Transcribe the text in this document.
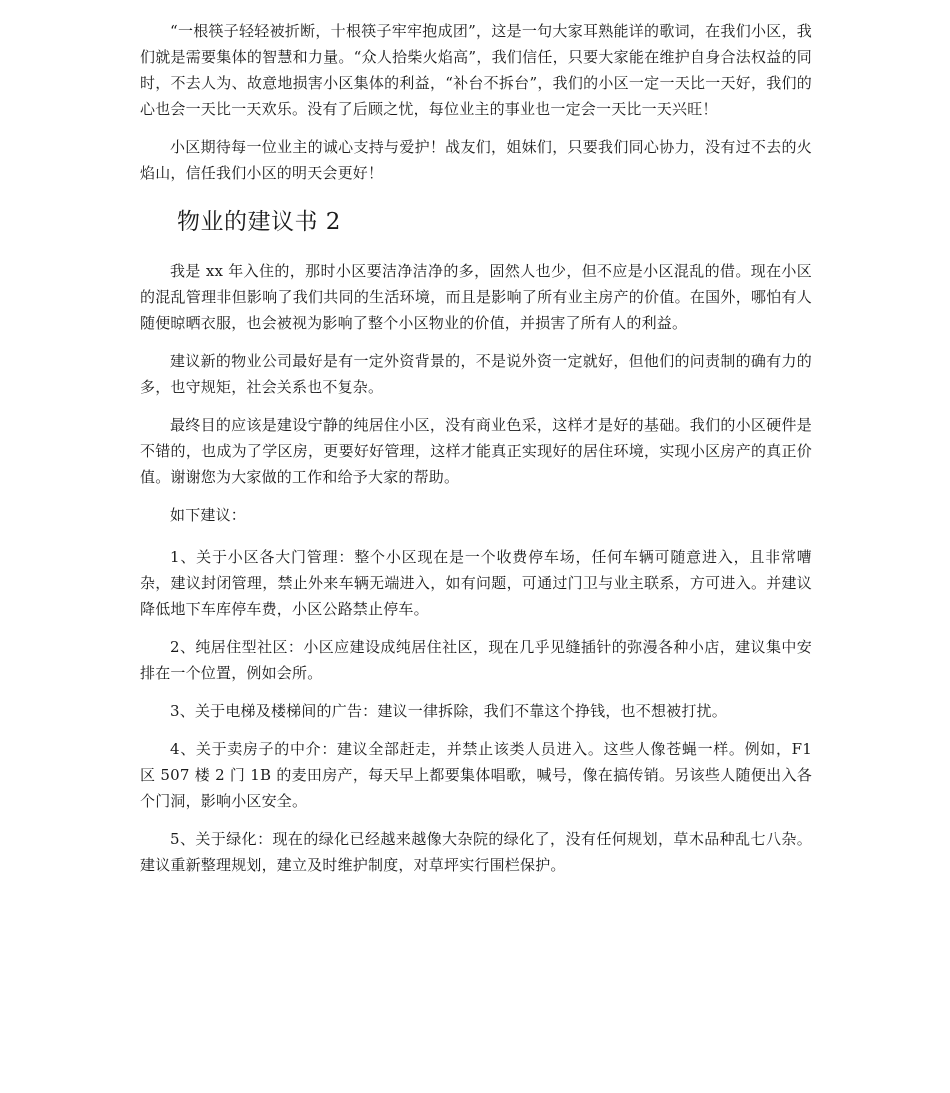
“一根筷子轻轻被折断，十根筷子牢牢抱成团”，这是一句大家耳熟能详的歌词，在我们小区，我们就是需要集体的智慧和力量。“众人拾柴火焰高”，我们信任，只要大家能在维护自身合法权益的同时，不去人为、故意地损害小区集体的利益，“补台不拆台”，我们的小区一定一天比一天好，我们的心也会一天比一天欢乐。没有了后顾之忧，每位业主的事业也一定会一天比一天兴旺！

小区期待每一位业主的诚心支持与爱护！战友们，姐妹们，只要我们同心协力，没有过不去的火焰山，信任我们小区的明天会更好！

物业的建议书 2

我是 xx 年入住的，那时小区要洁净洁净的多，固然人也少，但不应是小区混乱的借。现在小区的混乱管理非但影响了我们共同的生活环境，而且是影响了所有业主房产的价值。在国外，哪怕有人随便晾晒衣服，也会被视为影响了整个小区物业的价值，并损害了所有人的利益。

建议新的物业公司最好是有一定外资背景的，不是说外资一定就好，但他们的问责制的确有力的多，也守规矩，社会关系也不复杂。

最终目的应该是建设宁静的纯居住小区，没有商业色采，这样才是好的基础。我们的小区硬件是不错的，也成为了学区房，更要好好管理，这样才能真正实现好的居住环境，实现小区房产的真正价值。谢谢您为大家做的工作和给予大家的帮助。

如下建议：

1、关于小区各大门管理：整个小区现在是一个收费停车场，任何车辆可随意进入，且非常嘈杂，建议封闭管理，禁止外来车辆无端进入，如有问题，可通过门卫与业主联系，方可进入。并建议降低地下车库停车费，小区公路禁止停车。

2、纯居住型社区：小区应建设成纯居住社区，现在几乎见缝插针的弥漫各种小店，建议集中安排在一个位置，例如会所。

3、关于电梯及楼梯间的广告：建议一律拆除，我们不靠这个挣钱，也不想被打扰。

4、关于卖房子的中介：建议全部赶走，并禁止该类人员进入。这些人像苍蝇一样。例如，F1 区 507 楼 2 门 1B 的麦田房产，每天早上都要集体唱歌，喊号，像在搞传销。另该些人随便出入各个门洞，影响小区安全。

5、关于绿化：现在的绿化已经越来越像大杂院的绿化了，没有任何规划，草木品种乱七八杂。建议重新整理规划，建立及时维护制度，对草坪实行围栏保护。
